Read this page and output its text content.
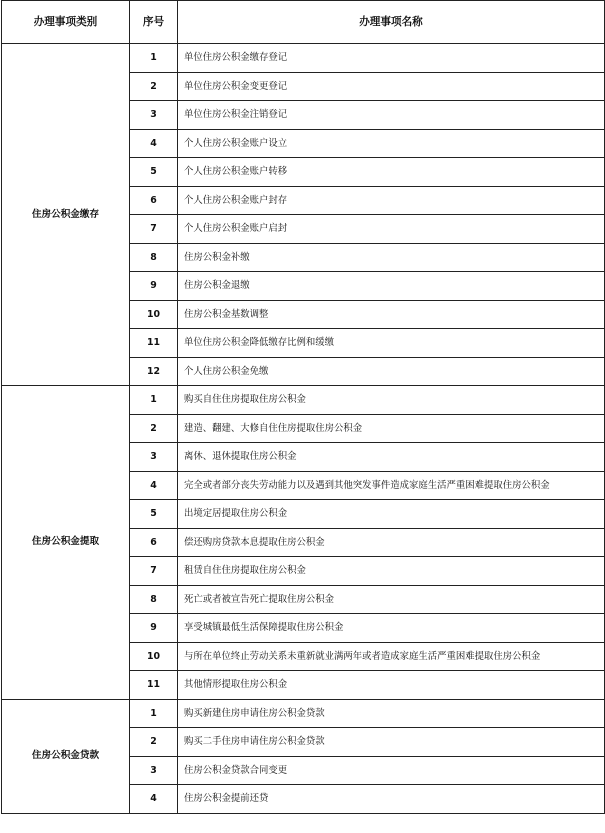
办理事项类别	序号	办理事项名称
住房公积金缴存	1	单位住房公积金缴存登记
	2	单位住房公积金变更登记
	3	单位住房公积金注销登记
	4	个人住房公积金账户设立
	5	个人住房公积金账户转移
	6	个人住房公积金账户封存
	7	个人住房公积金账户启封
	8	住房公积金补缴
	9	住房公积金退缴
	10	住房公积金基数调整
	11	单位住房公积金降低缴存比例和缓缴
	12	个人住房公积金免缴
住房公积金提取	1	购买自住住房提取住房公积金
	2	建造、翻建、大修自住住房提取住房公积金
	3	离休、退休提取住房公积金
	4	完全或者部分丧失劳动能力以及遇到其他突发事件造成家庭生活严重困难提取住房公积金
	5	出境定居提取住房公积金
	6	偿还购房贷款本息提取住房公积金
	7	租赁自住住房提取住房公积金
	8	死亡或者被宣告死亡提取住房公积金
	9	享受城镇最低生活保障提取住房公积金
	10	与所在单位终止劳动关系未重新就业满两年或者造成家庭生活严重困难提取住房公积金
	11	其他情形提取住房公积金
住房公积金贷款	1	购买新建住房申请住房公积金贷款
	2	购买二手住房申请住房公积金贷款
	3	住房公积金贷款合同变更
	4	住房公积金提前还贷
